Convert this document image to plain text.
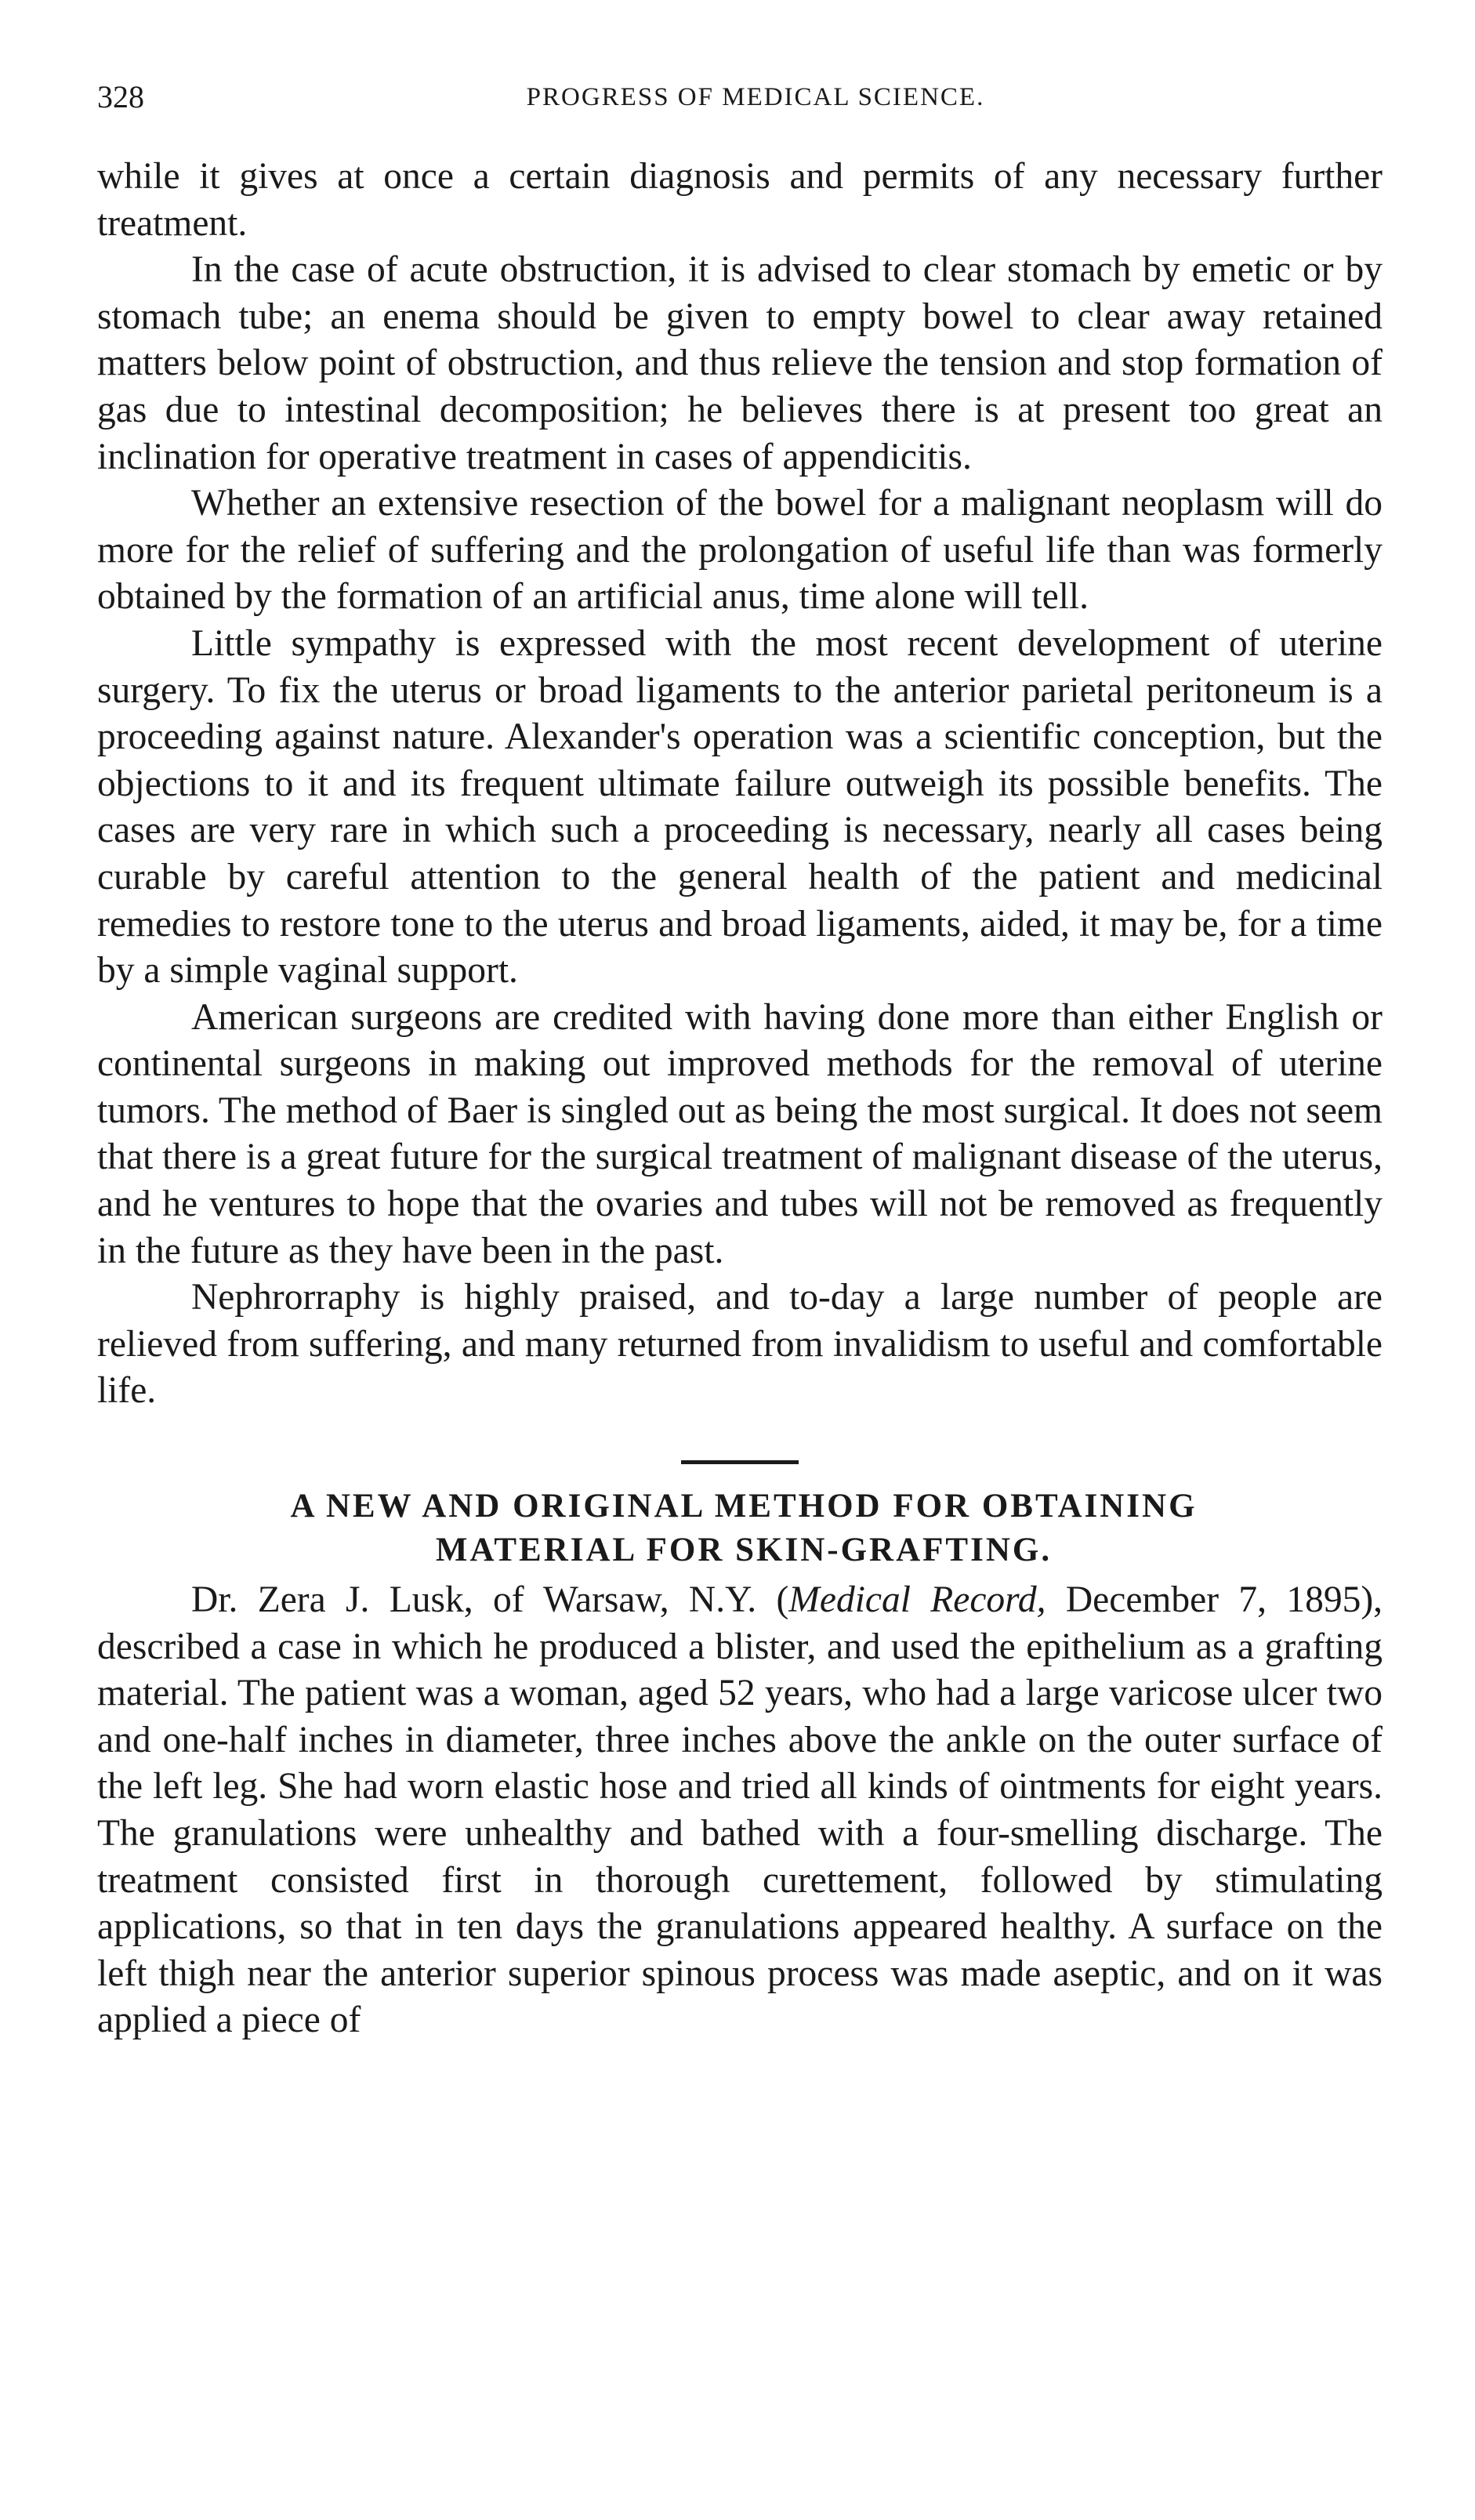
328	PROGRESS OF MEDICAL SCIENCE.

while it gives at once a certain diagnosis and permits of any necessary further treatment.

In the case of acute obstruction, it is advised to clear stomach by emetic or by stomach tube; an enema should be given to empty bowel to clear away retained matters below point of obstruction, and thus relieve the tension and stop formation of gas due to intestinal decomposition; he believes there is at present too great an inclination for operative treatment in cases of appendicitis.

Whether an extensive resection of the bowel for a malignant neoplasm will do more for the relief of suffering and the prolongation of useful life than was formerly obtained by the formation of an artificial anus, time alone will tell.

Little sympathy is expressed with the most recent development of uterine surgery. To fix the uterus or broad ligaments to the anterior parietal peritoneum is a proceeding against nature. Alexander's operation was a scientific conception, but the objections to it and its frequent ultimate failure outweigh its possible benefits. The cases are very rare in which such a proceeding is necessary, nearly all cases being curable by careful attention to the general health of the patient and medicinal remedies to restore tone to the uterus and broad ligaments, aided, it may be, for a time by a simple vaginal support.

American surgeons are credited with having done more than either English or continental surgeons in making out improved methods for the removal of uterine tumors. The method of Baer is singled out as being the most surgical. It does not seem that there is a great future for the surgical treatment of malignant disease of the uterus, and he ventures to hope that the ovaries and tubes will not be removed as frequently in the future as they have been in the past.

Nephrorraphy is highly praised, and to-day a large number of people are relieved from suffering, and many returned from invalidism to useful and comfortable life.

A NEW AND ORIGINAL METHOD FOR OBTAINING
MATERIAL FOR SKIN-GRAFTING.

Dr. Zera J. Lusk, of Warsaw, N.Y. (Medical Record, December 7, 1895), described a case in which he produced a blister, and used the epithelium as a grafting material. The patient was a woman, aged 52 years, who had a large varicose ulcer two and one-half inches in diameter, three inches above the ankle on the outer surface of the left leg. She had worn elastic hose and tried all kinds of ointments for eight years. The granulations were unhealthy and bathed with a four-smelling discharge. The treatment consisted first in thorough curettement, followed by stimulating applications, so that in ten days the granulations appeared healthy. A surface on the left thigh near the anterior superior spinous process was made aseptic, and on it was applied a piece of
